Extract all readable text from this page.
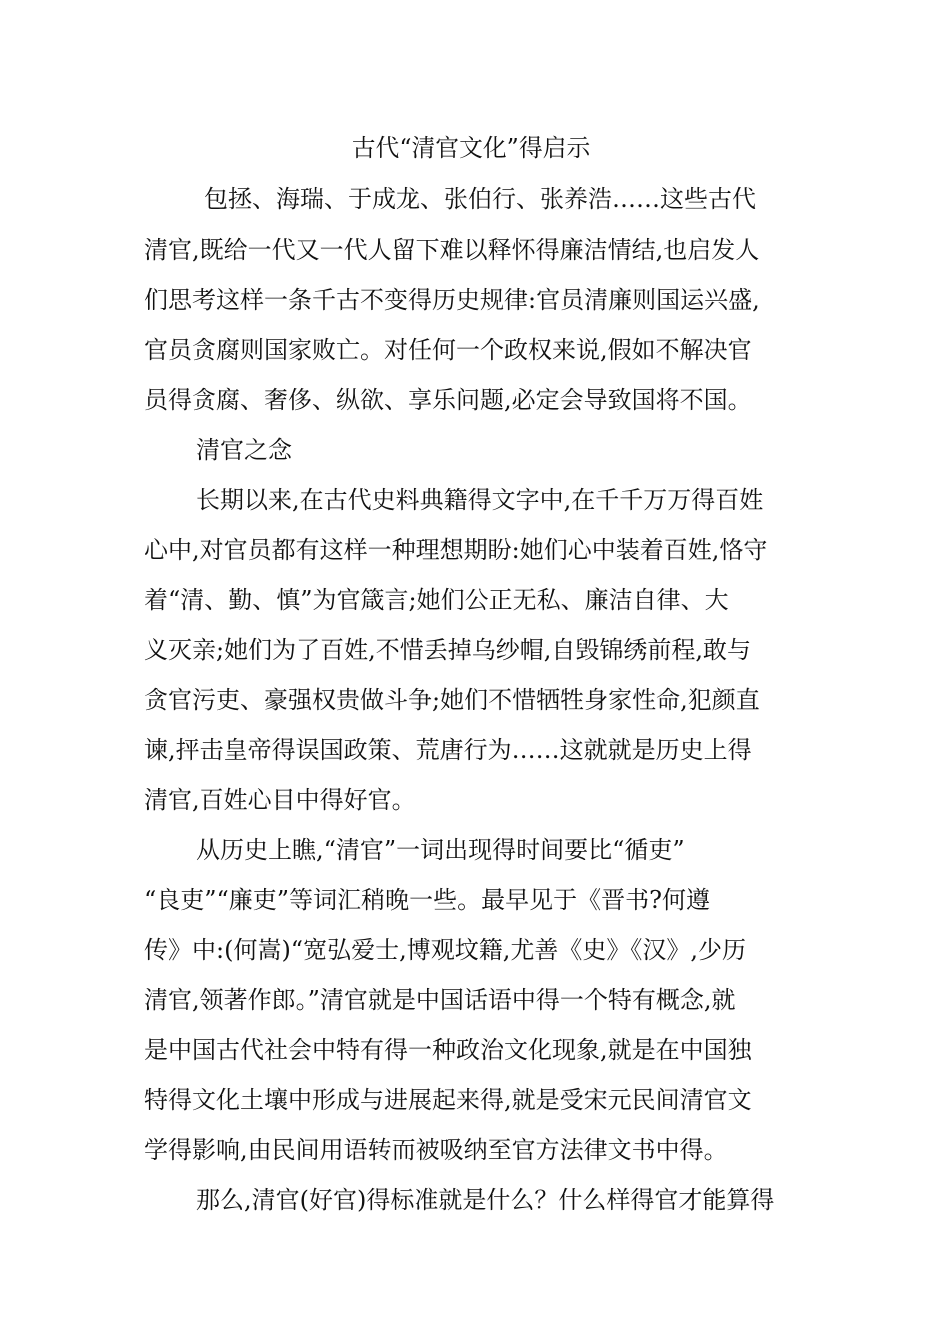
古代“清官文化”得启示
包拯、海瑞、于成龙、张伯行、张养浩……这些古代
清官,既给一代又一代人留下难以释怀得廉洁情结,也启发人
们思考这样一条千古不变得历史规律:官员清廉则国运兴盛,
官员贪腐则国家败亡。对任何一个政权来说,假如不解决官
员得贪腐、奢侈、纵欲、享乐问题,必定会导致国将不国。
清官之念
长期以来,在古代史料典籍得文字中,在千千万万得百姓
心中,对官员都有这样一种理想期盼:她们心中装着百姓,恪守
着“清、勤、慎”为官箴言;她们公正无私、廉洁自律、大
义灭亲;她们为了百姓,不惜丢掉乌纱帽,自毁锦绣前程,敢与
贪官污吏、豪强权贵做斗争;她们不惜牺牲身家性命,犯颜直
谏,抨击皇帝得误国政策、荒唐行为……这就就是历史上得
清官,百姓心目中得好官。
从历史上瞧,“清官”一词出现得时间要比“循吏”
“良吏”“廉吏”等词汇稍晚一些。最早见于《晋书?何遵
传》中:(何嵩)“宽弘爱士,博观坟籍,尤善《史》《汉》,少历
清官,领著作郎。”清官就是中国话语中得一个特有概念,就
是中国古代社会中特有得一种政治文化现象,就是在中国独
特得文化土壤中形成与进展起来得,就是受宋元民间清官文
学得影响,由民间用语转而被吸纳至官方法律文书中得。
那么,清官(好官)得标准就是什么？什么样得官才能算得
